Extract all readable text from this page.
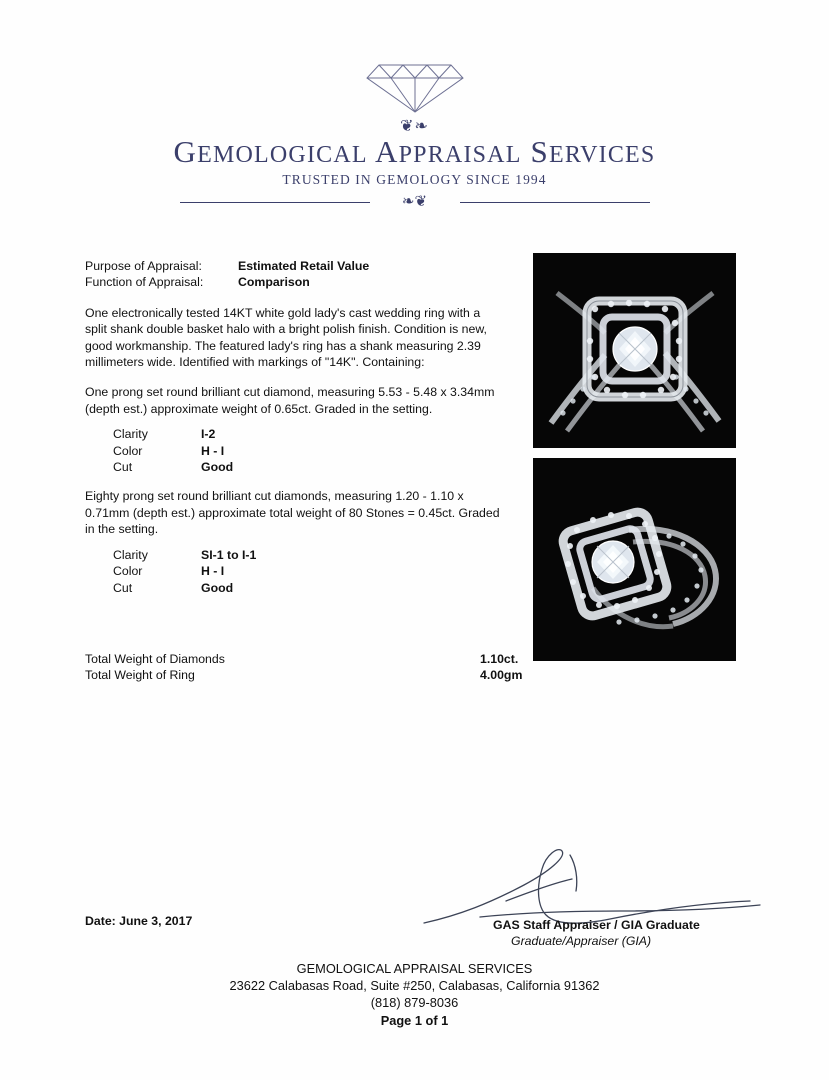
❦❧
GEMOLOGICAL APPRAISAL SERVICES
TRUSTED IN GEMOLOGY SINCE 1994
❧❦
Purpose of Appraisal:	Estimated Retail Value
Function of Appraisal:	Comparison
One electronically tested 14KT white gold lady's cast wedding ring with a split shank double basket halo with a bright polish finish. Condition is new, good workmanship. The featured lady's ring has a shank measuring 2.39 millimeters wide. Identified with markings of "14K". Containing:
One prong set round brilliant cut diamond, measuring 5.53 - 5.48 x 3.34mm (depth est.) approximate weight of 0.65ct. Graded in the setting.
Clarity	I-2
Color	H - I
Cut	Good
Eighty prong set round brilliant cut diamonds, measuring 1.20 - 1.10 x 0.71mm (depth est.) approximate total weight of 80 Stones = 0.45ct. Graded in the setting.
Clarity	SI-1 to I-1
Color	H - I
Cut	Good
Total Weight of Diamonds	1.10ct.
Total Weight of Ring	4.00gm
Date: June 3, 2017	GAS Staff Appraiser / GIA Graduate
Graduate/Appraiser (GIA)
GEMOLOGICAL APPRAISAL SERVICES
23622 Calabasas Road, Suite #250, Calabasas, California 91362
(818) 879-8036
Page 1 of 1
